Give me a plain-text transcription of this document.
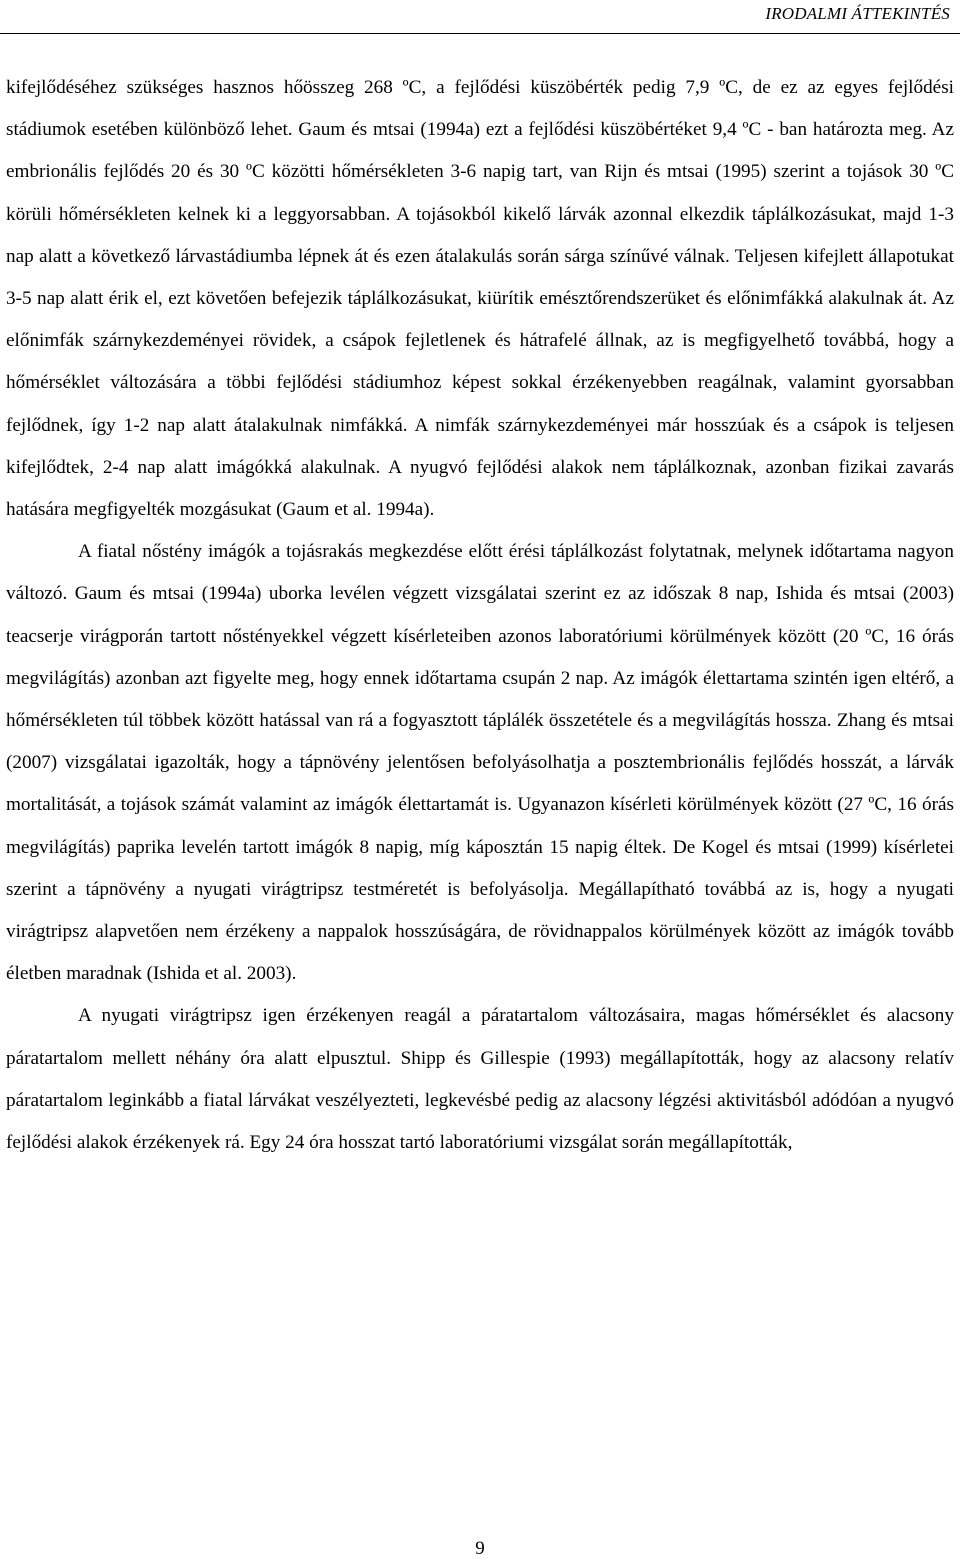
IRODALMI ÁTTEKINTÉS

kifejlődéséhez szükséges hasznos hőösszeg 268 ºC, a fejlődési küszöbérték pedig 7,9 ºC, de ez az egyes fejlődési stádiumok esetében különböző lehet. Gaum és mtsai (1994a) ezt a fejlődési küszöbértéket 9,4 ºC - ban határozta meg. Az embrionális fejlődés 20 és 30 ºC közötti hőmérsékleten 3-6 napig tart, van Rijn és mtsai (1995) szerint a tojások 30 ºC körüli hőmérsékleten kelnek ki a leggyorsabban. A tojásokból kikelő lárvák azonnal elkezdik táplálkozásukat, majd 1-3 nap alatt a következő lárvastádiumba lépnek át és ezen átalakulás során sárga színűvé válnak. Teljesen kifejlett állapotukat 3-5 nap alatt érik el, ezt követően befejezik táplálkozásukat, kiürítik emésztőrendszerüket és előnimfákká alakulnak át. Az előnimfák szárnykezdeményei rövidek, a csápok fejletlenek és hátrafelé állnak, az is megfigyelhető továbbá, hogy a hőmérséklet változására a többi fejlődési stádiumhoz képest sokkal érzékenyebben reagálnak, valamint gyorsabban fejlődnek, így 1-2 nap alatt átalakulnak nimfákká. A nimfák szárnykezdeményei már hosszúak és a csápok is teljesen kifejlődtek, 2-4 nap alatt imágókká alakulnak. A nyugvó fejlődési alakok nem táplálkoznak, azonban fizikai zavarás hatására megfigyelték mozgásukat (Gaum et al. 1994a).

A fiatal nőstény imágók a tojásrakás megkezdése előtt érési táplálkozást folytatnak, melynek időtartama nagyon változó. Gaum és mtsai (1994a) uborka levélen végzett vizsgálatai szerint ez az időszak 8 nap, Ishida és mtsai (2003) teacserje virágporán tartott nőstényekkel végzett kísérleteiben azonos laboratóriumi körülmények között (20 ºC, 16 órás megvilágítás) azonban azt figyelte meg, hogy ennek időtartama csupán 2 nap. Az imágók élettartama szintén igen eltérő, a hőmérsékleten túl többek között hatással van rá a fogyasztott táplálék összetétele és a megvilágítás hossza. Zhang és mtsai (2007) vizsgálatai igazolták, hogy a tápnövény jelentősen befolyásolhatja a posztembrionális fejlődés hosszát, a lárvák mortalitását, a tojások számát valamint az imágók élettartamát is. Ugyanazon kísérleti körülmények között (27 ºC, 16 órás megvilágítás) paprika levelén tartott imágók 8 napig, míg káposztán 15 napig éltek. De Kogel és mtsai (1999) kísérletei szerint a tápnövény a nyugati virágtripsz testméretét is befolyásolja. Megállapítható továbbá az is, hogy a nyugati virágtripsz alapvetően nem érzékeny a nappalok hosszúságára, de rövidnappalos körülmények között az imágók tovább életben maradnak (Ishida et al. 2003).

A nyugati virágtripsz igen érzékenyen reagál a páratartalom változásaira, magas hőmérséklet és alacsony páratartalom mellett néhány óra alatt elpusztul. Shipp és Gillespie (1993) megállapították, hogy az alacsony relatív páratartalom leginkább a fiatal lárvákat veszélyezteti, legkevésbé pedig az alacsony légzési aktivitásból adódóan a nyugvó fejlődési alakok érzékenyek rá. Egy 24 óra hosszat tartó laboratóriumi vizsgálat során megállapították,

9
